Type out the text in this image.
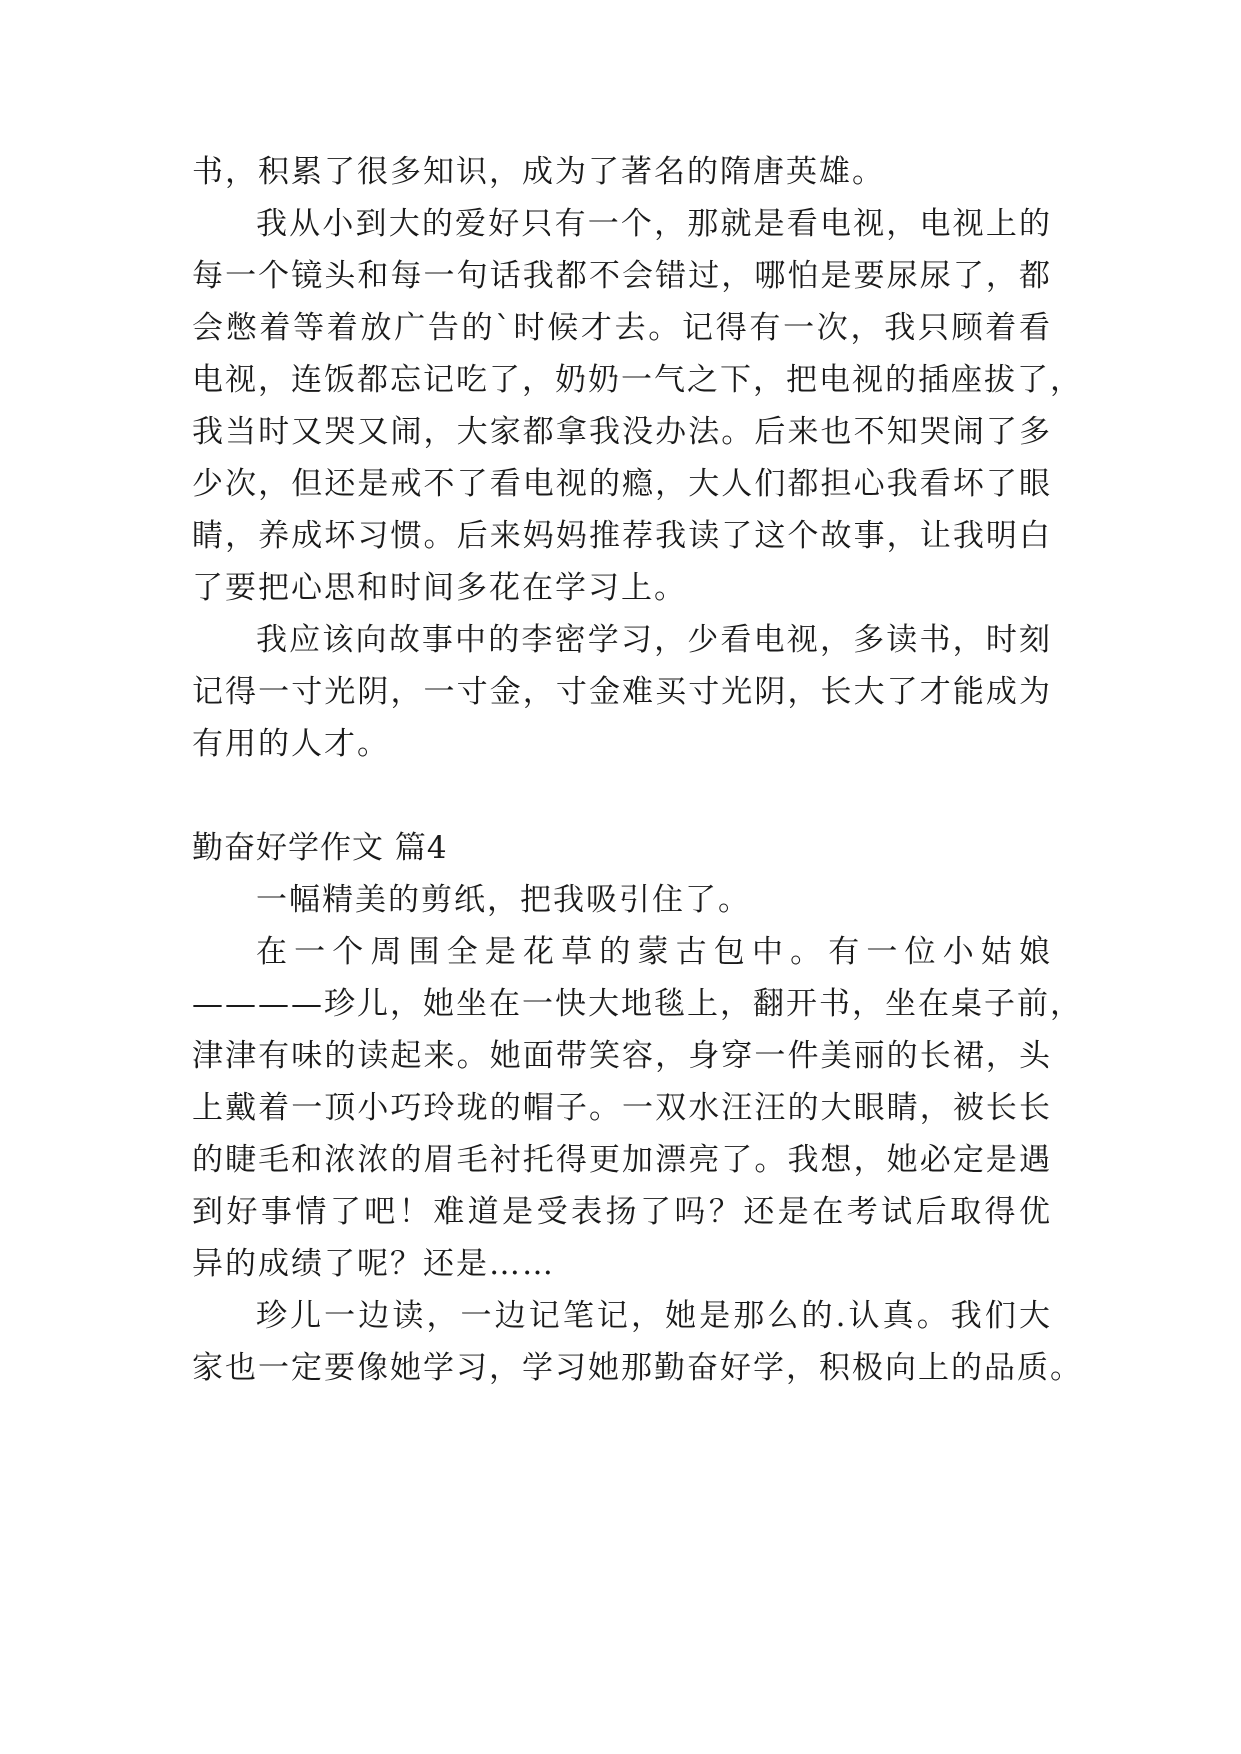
书，积累了很多知识，成为了著名的隋唐英雄。
我从小到大的爱好只有一个，那就是看电视，电视上的
每一个镜头和每一句话我都不会错过，哪怕是要尿尿了，都
会憋着等着放广告的`时候才去。记得有一次，我只顾着看
电视，连饭都忘记吃了，奶奶一气之下，把电视的插座拔了，
我当时又哭又闹，大家都拿我没办法。后来也不知哭闹了多
少次，但还是戒不了看电视的瘾，大人们都担心我看坏了眼
睛，养成坏习惯。后来妈妈推荐我读了这个故事，让我明白
了要把心思和时间多花在学习上。
我应该向故事中的李密学习，少看电视，多读书，时刻
记得一寸光阴，一寸金，寸金难买寸光阴，长大了才能成为
有用的人才。
勤奋好学作文 篇4
一幅精美的剪纸，把我吸引住了。
在一个周围全是花草的蒙古包中。有一位小姑娘
————珍儿，她坐在一快大地毯上，翻开书，坐在桌子前，
津津有味的读起来。她面带笑容，身穿一件美丽的长裙，头
上戴着一顶小巧玲珑的帽子。一双水汪汪的大眼睛，被长长
的睫毛和浓浓的眉毛衬托得更加漂亮了。我想，她必定是遇
到好事情了吧！难道是受表扬了吗？还是在考试后取得优
异的成绩了呢？还是……
珍儿一边读，一边记笔记，她是那么的.认真。我们大
家也一定要像她学习，学习她那勤奋好学，积极向上的品质。
